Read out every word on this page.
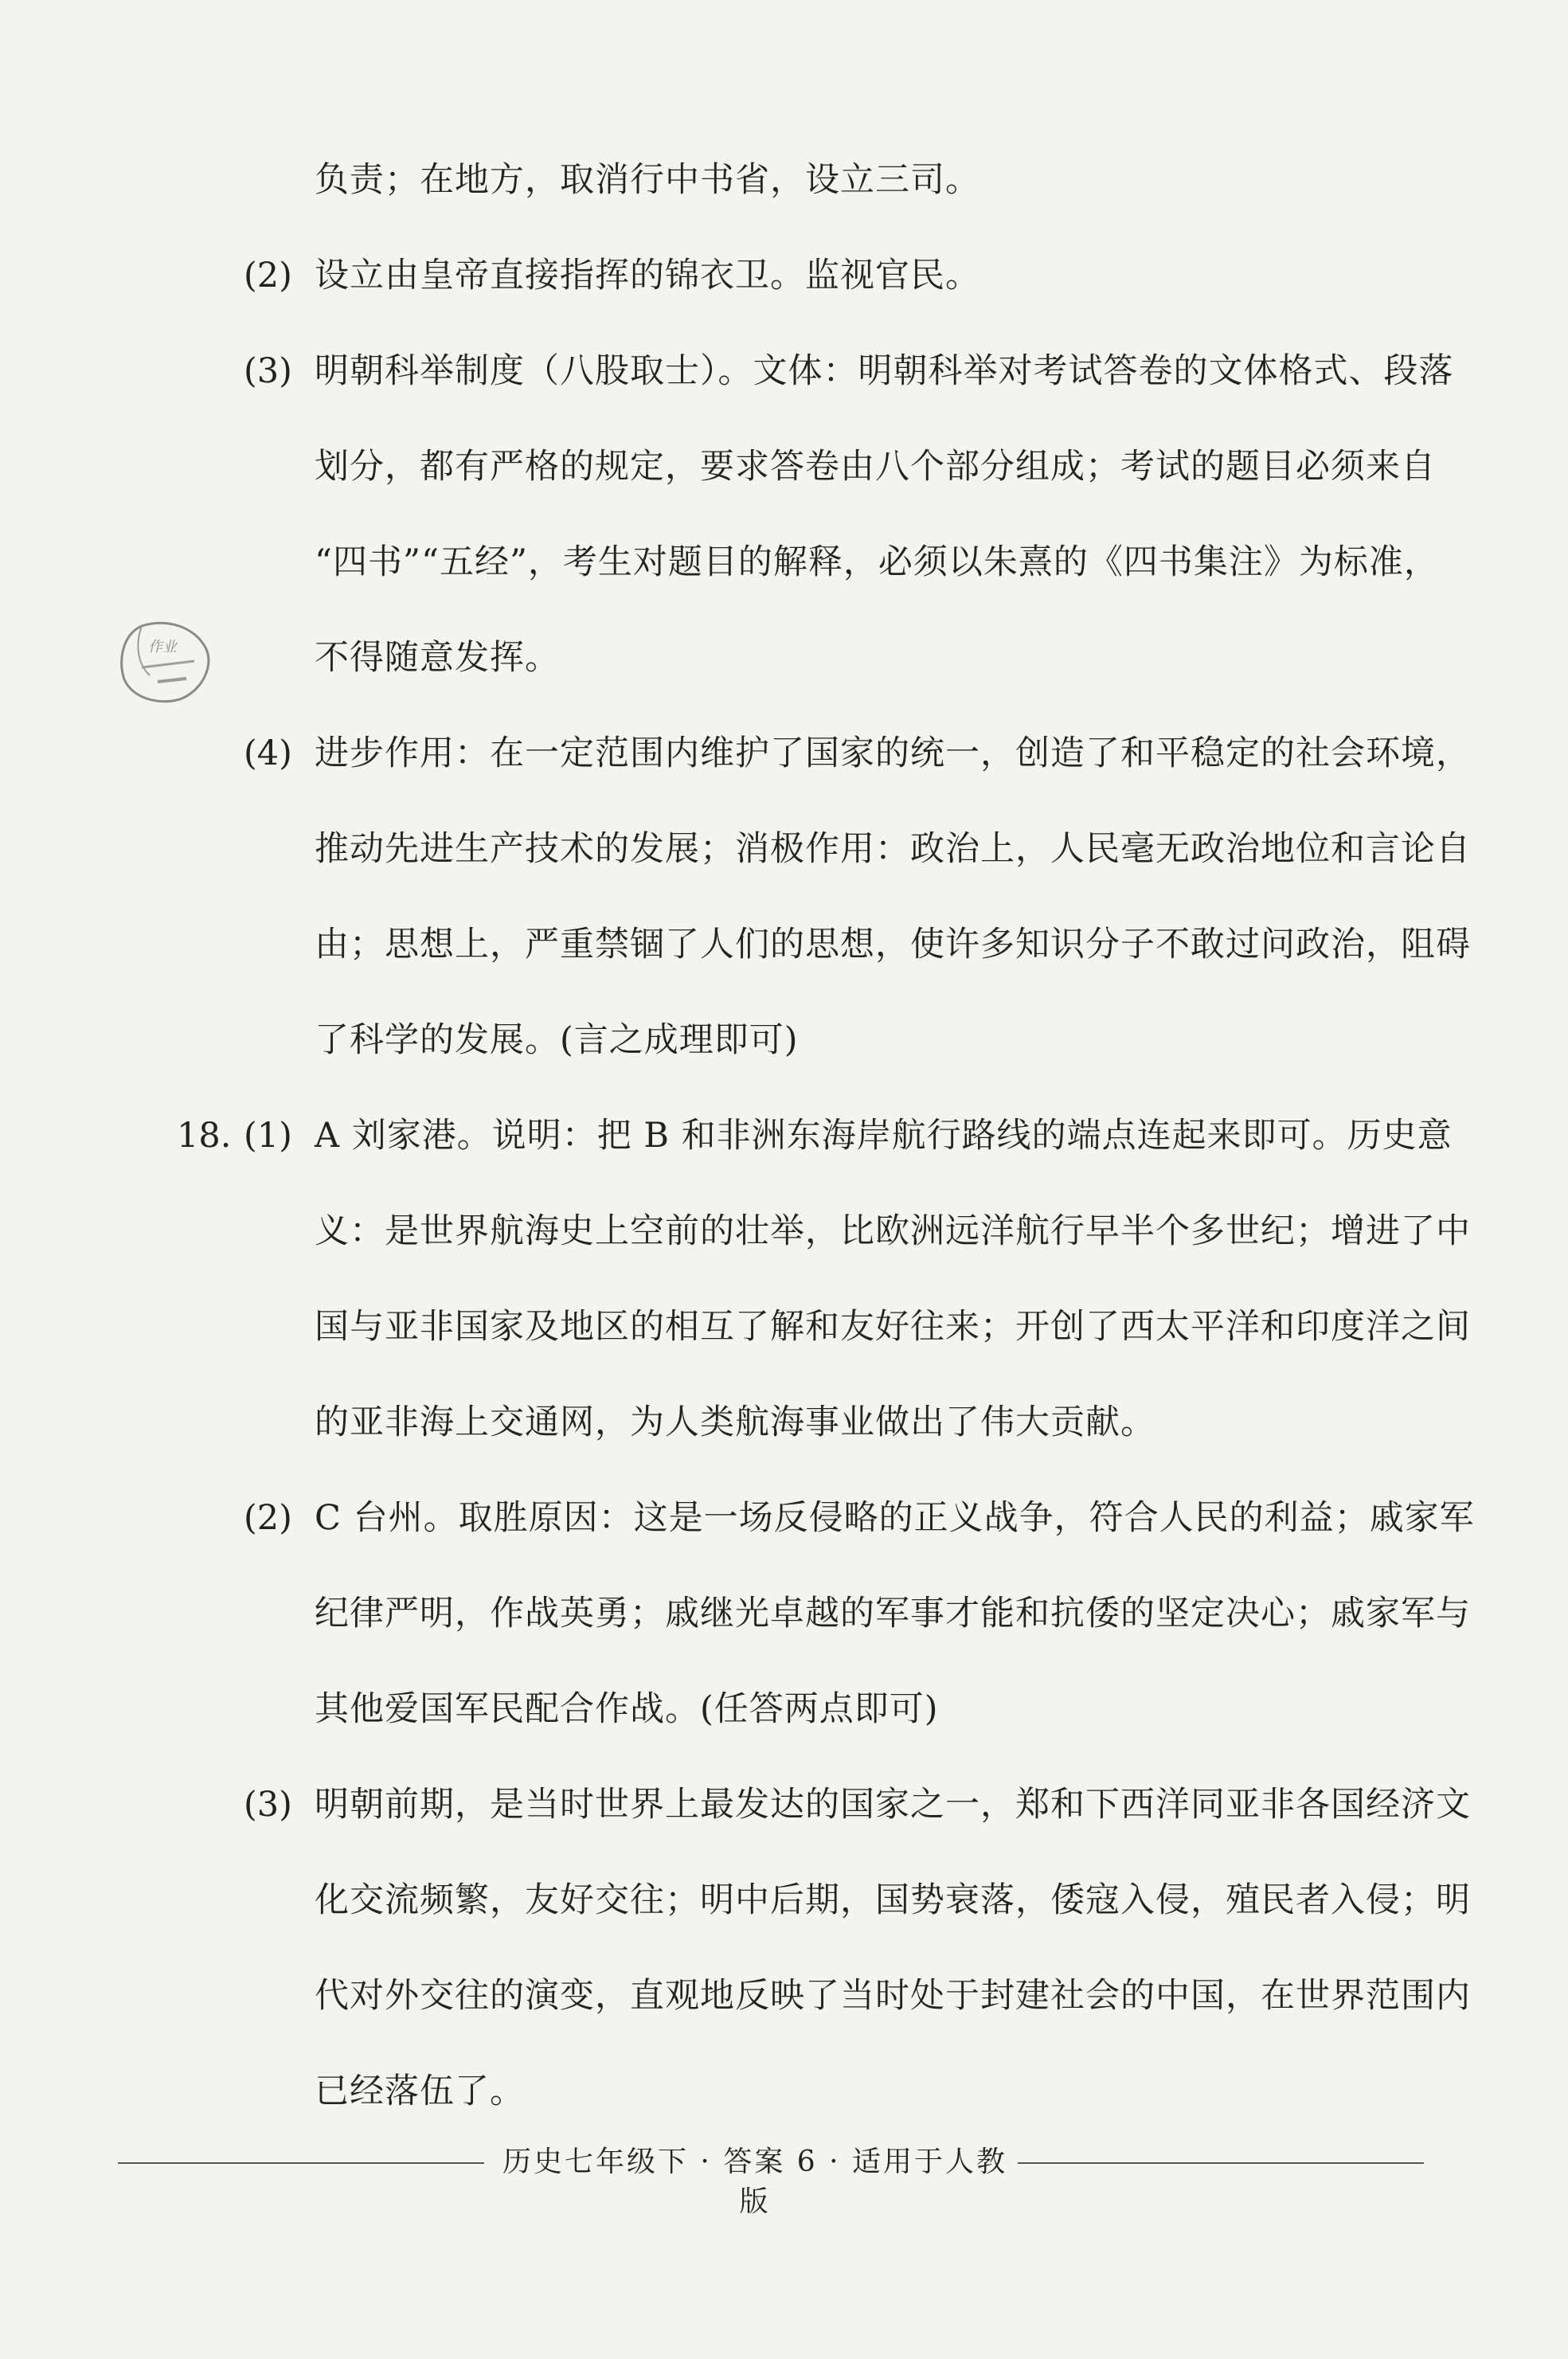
负责；在地方，取消行中书省，设立三司。
(2) 设立由皇帝直接指挥的锦衣卫。监视官民。
(3) 明朝科举制度（八股取士）。文体：明朝科举对考试答卷的文体格式、段落
划分，都有严格的规定，要求答卷由八个部分组成；考试的题目必须来自
“四书”“五经”，考生对题目的解释，必须以朱熹的《四书集注》为标准，
不得随意发挥。
作业
(4) 进步作用：在一定范围内维护了国家的统一，创造了和平稳定的社会环境，
推动先进生产技术的发展；消极作用：政治上，人民毫无政治地位和言论自
由；思想上，严重禁锢了人们的思想，使许多知识分子不敢过问政治，阻碍
了科学的发展。(言之成理即可)
18. (1) A 刘家港。说明：把 B 和非洲东海岸航行路线的端点连起来即可。历史意
义：是世界航海史上空前的壮举，比欧洲远洋航行早半个多世纪；增进了中
国与亚非国家及地区的相互了解和友好往来；开创了西太平洋和印度洋之间
的亚非海上交通网，为人类航海事业做出了伟大贡献。
(2) C 台州。取胜原因：这是一场反侵略的正义战争，符合人民的利益；戚家军
纪律严明，作战英勇；戚继光卓越的军事才能和抗倭的坚定决心；戚家军与
其他爱国军民配合作战。(任答两点即可)
(3) 明朝前期，是当时世界上最发达的国家之一，郑和下西洋同亚非各国经济文
化交流频繁，友好交往；明中后期，国势衰落，倭寇入侵，殖民者入侵；明
代对外交往的演变，直观地反映了当时处于封建社会的中国，在世界范围内
已经落伍了。
历史七年级下 · 答案 6 · 适用于人教版
